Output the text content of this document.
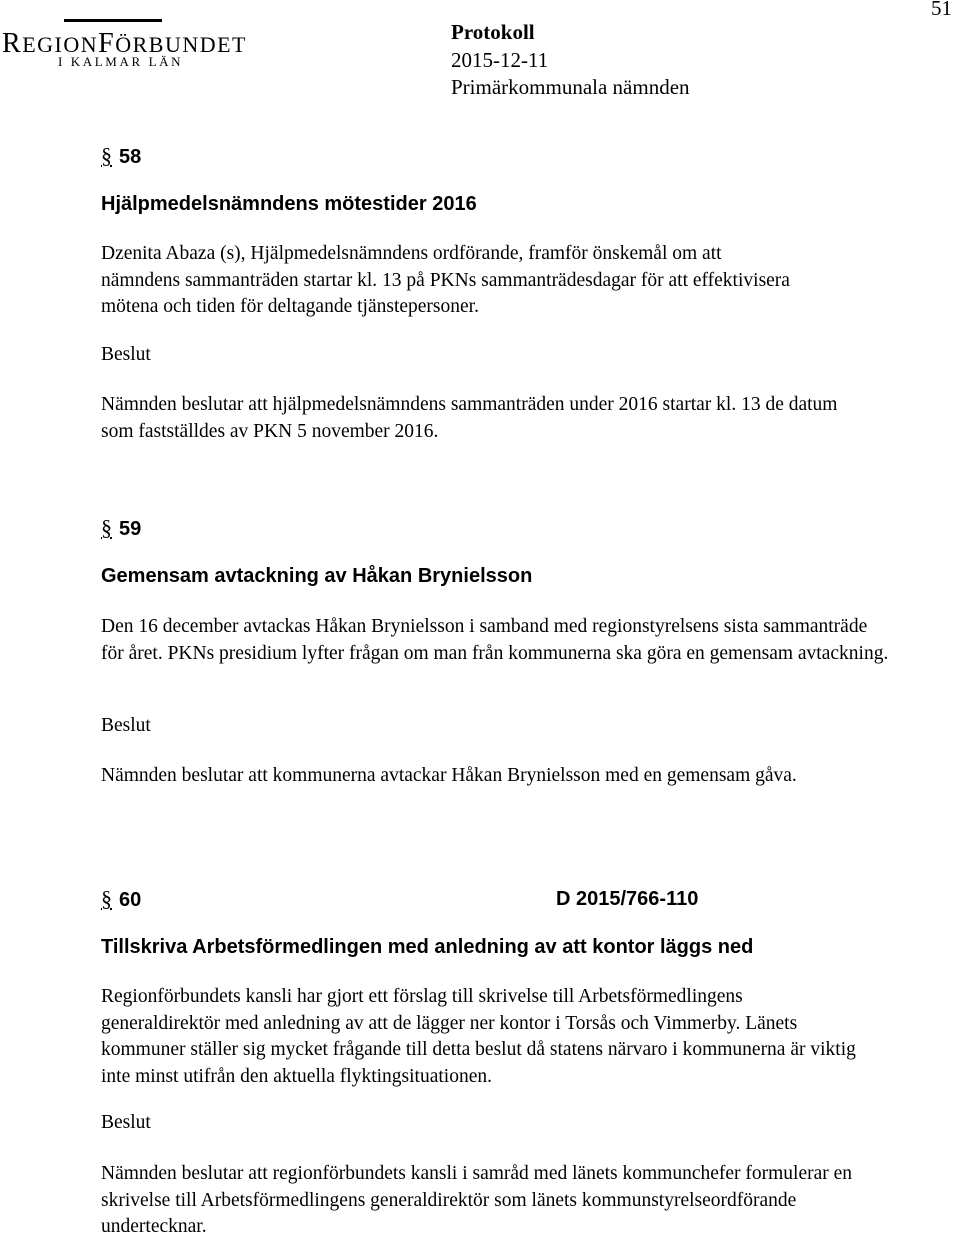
51
REGIONFÖRBUNDET
I KALMAR LÄN
Protokoll
2015-12-11
Primärkommunala nämnden
§ 58
Hjälpmedelsnämndens mötestider 2016
Dzenita Abaza (s), Hjälpmedelsnämndens ordförande, framför önskemål om att nämndens sammanträden startar kl. 13 på PKNs sammanträdesdagar för att effektivisera mötena och tiden för deltagande tjänstepersoner.
Beslut
Nämnden beslutar att hjälpmedelsnämndens sammanträden under 2016 startar kl. 13 de datum som fastställdes av PKN 5 november 2016.
§ 59
Gemensam avtackning av Håkan Brynielsson
Den 16 december avtackas Håkan Brynielsson i samband med regionstyrelsens sista sammanträde för året. PKNs presidium lyfter frågan om man från kommunerna ska göra en gemensam avtackning.
Beslut
Nämnden beslutar att kommunerna avtackar Håkan Brynielsson med en gemensam gåva.
§ 60	D 2015/766-110
Tillskriva Arbetsförmedlingen med anledning av att kontor läggs ned
Regionförbundets kansli har gjort ett förslag till skrivelse till Arbetsförmedlingens generaldirektör med anledning av att de lägger ner kontor i Torsås och Vimmerby. Länets kommuner ställer sig mycket frågande till detta beslut då statens närvaro i kommunerna är viktig inte minst utifrån den aktuella flyktingsituationen.
Beslut
Nämnden beslutar att regionförbundets kansli i samråd med länets kommunchefer formulerar en skrivelse till Arbetsförmedlingens generaldirektör som länets kommunstyrelseordförande undertecknar.
